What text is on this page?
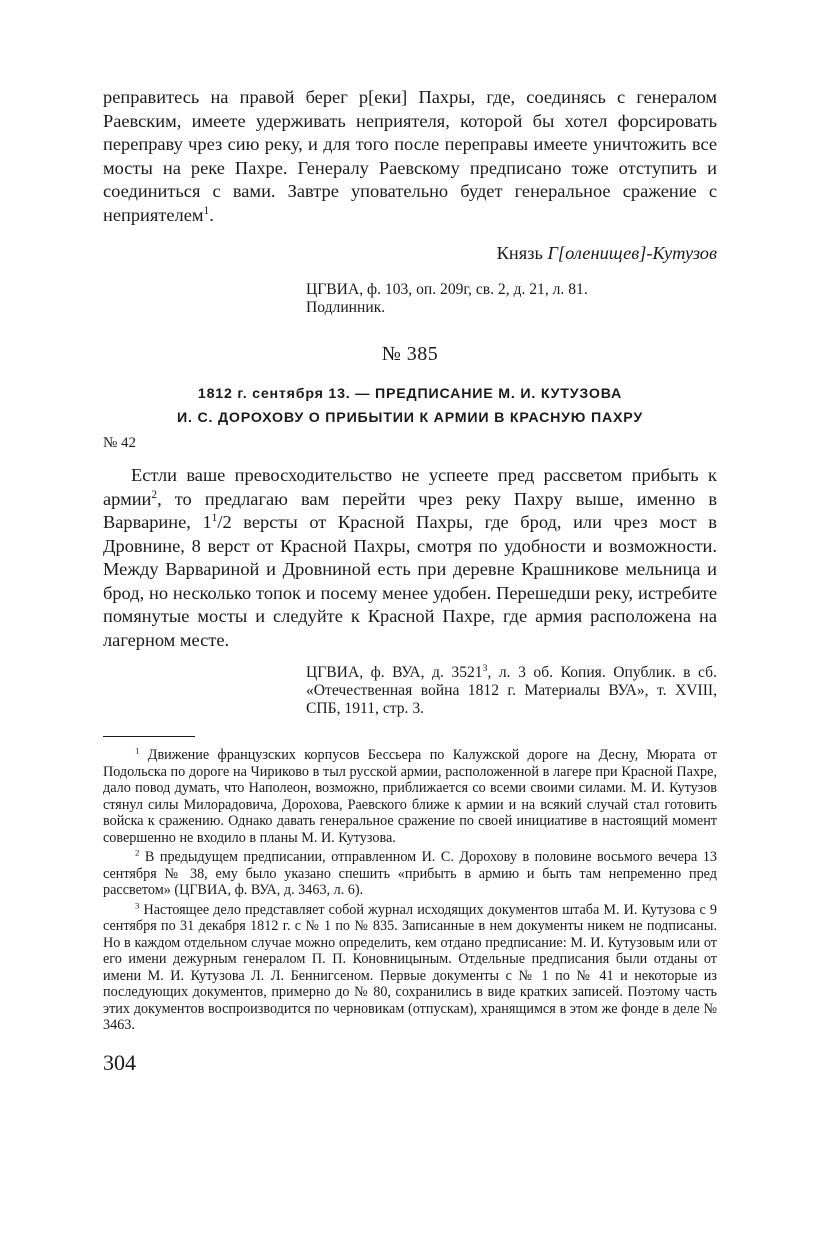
реправитесь на правой берег р[еки] Пахры, где, соединясь с генералом Раевским, имеете удерживать неприятеля, которой бы хотел форсировать переправу чрез сию реку, и для того после переправы имеете уничтожить все мосты на реке Пахре. Генералу Раевскому предписано тоже отступить и соединиться с вами. Завтре уповательно будет генеральное сражение с неприятелем$^1$.

Князь Г[оленищев]-Кутузов
ЦГВИА, ф. 103, оп. 209г, св. 2, д. 21, л. 81.
Подлинник.
№ 385
1812 г. сентября 13. — ПРЕДПИСАНИЕ М. И. КУТУЗОВА
И. С. ДОРОХОВУ О ПРИБЫТИИ К АРМИИ В КРАСНУЮ ПАХРУ
№ 42

Естли ваше превосходительство не успеете пред рассветом прибыть к армии$^2$, то предлагаю вам перейти чрез реку Пахру выше, именно в Варварине, $1^1/2$ версты от Красной Пахры, где брод, или чрез мост в Дровнине, 8 верст от Красной Пахры, смотря по удобности и возможности. Между Варвариной и Дровниной есть при деревне Крашникове мельница и брод, но несколько топок и посему менее удобен. Перешедши реку, истребите помянутые мосты и следуйте к Красной Пахре, где армия расположена на лагерном месте.

ЦГВИА, ф. ВУА, д. 3521$^3$, л. 3 об. Копия. Опублик. в сб. «Отечественная война 1812 г. Материалы ВУА», т. XVIII, СПБ, 1911, стр. 3.

$^1$ Движение французских корпусов Бессьера по Калужской дороге на Десну, Мюрата от Подольска по дороге на Чириково в тыл русской армии, расположенной в лагере при Красной Пахре, дало повод думать, что Наполеон, возможно, приближается со всеми своими силами. М. И. Кутузов стянул силы Милорадовича, Дорохова, Раевского ближе к армии и на всякий случай стал готовить войска к сражению. Однако давать генеральное сражение по своей инициативе в настоящий момент совершенно не входило в планы М. И. Кутузова.

$^2$ В предыдущем предписании, отправленном И. С. Дорохову в половине восьмого вечера 13 сентября № 38, ему было указано спешить «прибыть в армию и быть там непременно пред рассветом» (ЦГВИА, ф. ВУА, д. 3463, л. 6).

$^3$ Настоящее дело представляет собой журнал исходящих документов штаба М. И. Кутузова с 9 сентября по 31 декабря 1812 г. с № 1 по № 835. Записанные в нем документы никем не подписаны. Но в каждом отдельном случае можно определить, кем отдано предписание: М. И. Кутузовым или от его имени дежурным генералом П. П. Коновницыным. Отдельные предписания были отданы от имени М. И. Кутузова Л. Л. Беннигсеном. Первые документы с № 1 по № 41 и некоторые из последующих документов, примерно до № 80, сохранились в виде кратких записей. Поэтому часть этих документов воспроизводится по черновикам (отпускам), хранящимся в этом же фонде в деле № 3463.

304
